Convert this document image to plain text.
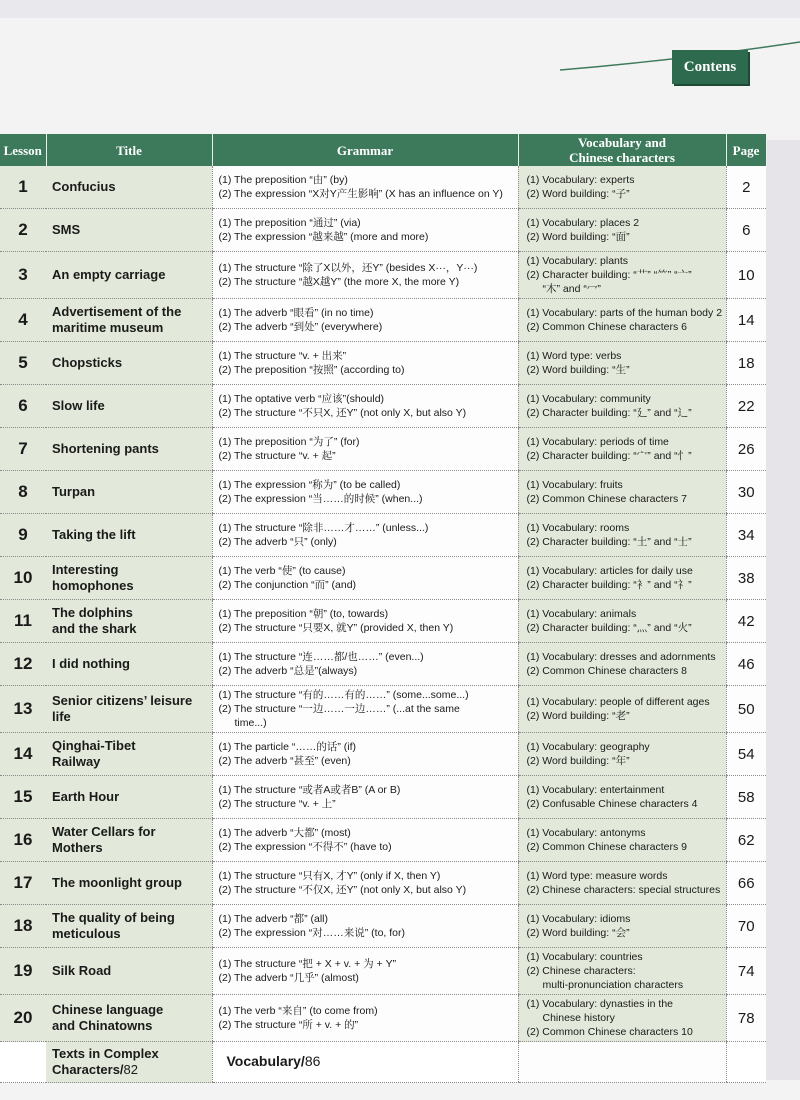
Contens
Lesson	Title	Grammar	Vocabulary and
Chinese characters	Page
1	Confucius	(1) The preposition “由” (by)
(2) The expression “X对Y产生影响” (X has an influence on Y)	(1) Vocabulary: experts
(2) Word building: “子”	2
2	SMS	(1) The preposition “通过” (via)
(2) The expression “越来越” (more and more)	(1) Vocabulary: places 2
(2) Word building: “面”	6
3	An empty carriage	(1) The structure “除了X以外，还Y” (besides X···，Y···)
(2) The structure “越X越Y” (the more X, the more Y)	(1) Vocabulary: plants
(2) Character building: “艹” “⺮” “亠”
“木” and “冖”	10
4	Advertisement of the
maritime museum	(1) The adverb “眼看” (in no time)
(2) The adverb “到处” (everywhere)	(1) Vocabulary: parts of the human body 2
(2) Common Chinese characters 6	14
5	Chopsticks	(1) The structure “v. + 出来”
(2) The preposition “按照” (according to)	(1) Word type: verbs
(2) Word building: “生”	18
6	Slow life	(1) The optative verb “应该”(should)
(2) The structure “不只X, 还Y” (not only X, but also Y)	(1) Vocabulary: community
(2) Character building: “廴” and “辶”	22
7	Shortening pants	(1) The preposition “为了” (for)
(2) The structure “v. + 起”	(1) Vocabulary: periods of time
(2) Character building: “宀” and “忄”	26
8	Turpan	(1) The expression “称为” (to be called)
(2) The expression “当……的时候” (when...)	(1) Vocabulary: fruits
(2) Common Chinese characters 7	30
9	Taking the lift	(1) The structure “除非……才……” (unless...)
(2) The adverb “只” (only)	(1) Vocabulary: rooms
(2) Character building: “土” and “士”	34
10	Interesting
homophones	(1) The verb “使” (to cause)
(2) The conjunction “而” (and)	(1) Vocabulary: articles for daily use
(2) Character building: “衤” and “礻”	38
11	The dolphins
and the shark	(1) The preposition “朝” (to, towards)
(2) The structure “只要X, 就Y” (provided X, then Y)	(1) Vocabulary: animals
(2) Character building: “灬” and “火”	42
12	I did nothing	(1) The structure “连……都/也……” (even...)
(2) The adverb “总是”(always)	(1) Vocabulary: dresses and adornments
(2) Common Chinese characters 8	46
13	Senior citizens’ leisure
life	(1) The structure “有的……有的……” (some...some...)
(2) The structure “一边……一边……” (...at the same
time...)	(1) Vocabulary: people of different ages
(2) Word building: “老”	50
14	Qinghai-Tibet
Railway	(1) The particle “……的话” (if)
(2) The adverb “甚至” (even)	(1) Vocabulary: geography
(2) Word building: “年”	54
15	Earth Hour	(1) The structure “或者A或者B” (A or B)
(2) The structure “v. + 上”	(1) Vocabulary: entertainment
(2) Confusable Chinese characters 4	58
16	Water Cellars for
Mothers	(1) The adverb “大都” (most)
(2) The expression “不得不” (have to)	(1) Vocabulary: antonyms
(2) Common Chinese characters 9	62
17	The moonlight group	(1) The structure “只有X, 才Y” (only if X, then Y)
(2) The structure “不仅X, 还Y” (not only X, but also Y)	(1) Word type: measure words
(2) Chinese characters: special structures	66
18	The quality of being
meticulous	(1) The adverb “都” (all)
(2) The expression “对……来说” (to, for)	(1) Vocabulary: idioms
(2) Word building: “会”	70
19	Silk Road	(1) The structure “把 + X + v. + 为 + Y”
(2) The adverb “几乎” (almost)	(1) Vocabulary: countries
(2) Chinese characters:
multi-pronunciation characters	74
20	Chinese language
and Chinatowns	(1) The verb “来自” (to come from)
(2) The structure “所 + v. + 的”	(1) Vocabulary: dynasties in the
Chinese history
(2) Common Chinese characters 10	78

	Texts in Complex
Characters/82	Vocabulary/86		
